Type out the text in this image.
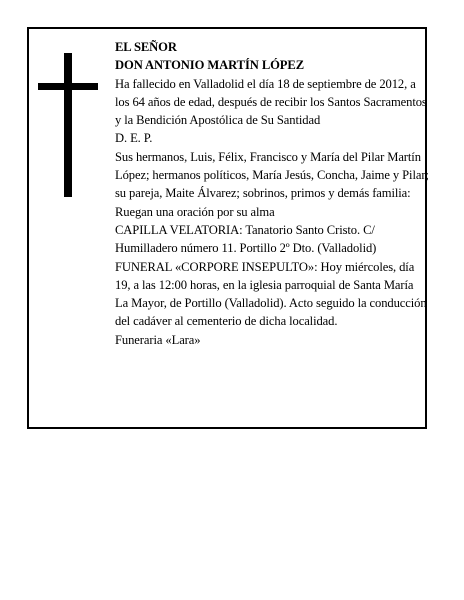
EL SEÑOR

DON ANTONIO MARTÍN LÓPEZ

Ha fallecido en Valladolid el día 18 de septiembre de 2012, a los 64 años de edad, después de recibir los Santos Sacramentos y la Bendición Apostólica de Su Santidad

D. E. P.

Sus hermanos, Luis, Félix, Francisco y María del Pilar Martín López; hermanos políticos, María Jesús, Concha, Jaime y Pilar; su pareja, Maite Álvarez; sobrinos, primos y demás familia:

Ruegan una oración por su alma

CAPILLA VELATORIA: Tanatorio Santo Cristo. C/ Humilladero número 11. Portillo 2º Dto. (Valladolid)

FUNERAL «CORPORE INSEPULTO»: Hoy miércoles, día 19, a las 12:00 horas, en la iglesia parroquial de Santa María La Mayor, de Portillo (Valladolid). Acto seguido la conducción del cadáver al cementerio de dicha localidad.

Funeraria «Lara»
